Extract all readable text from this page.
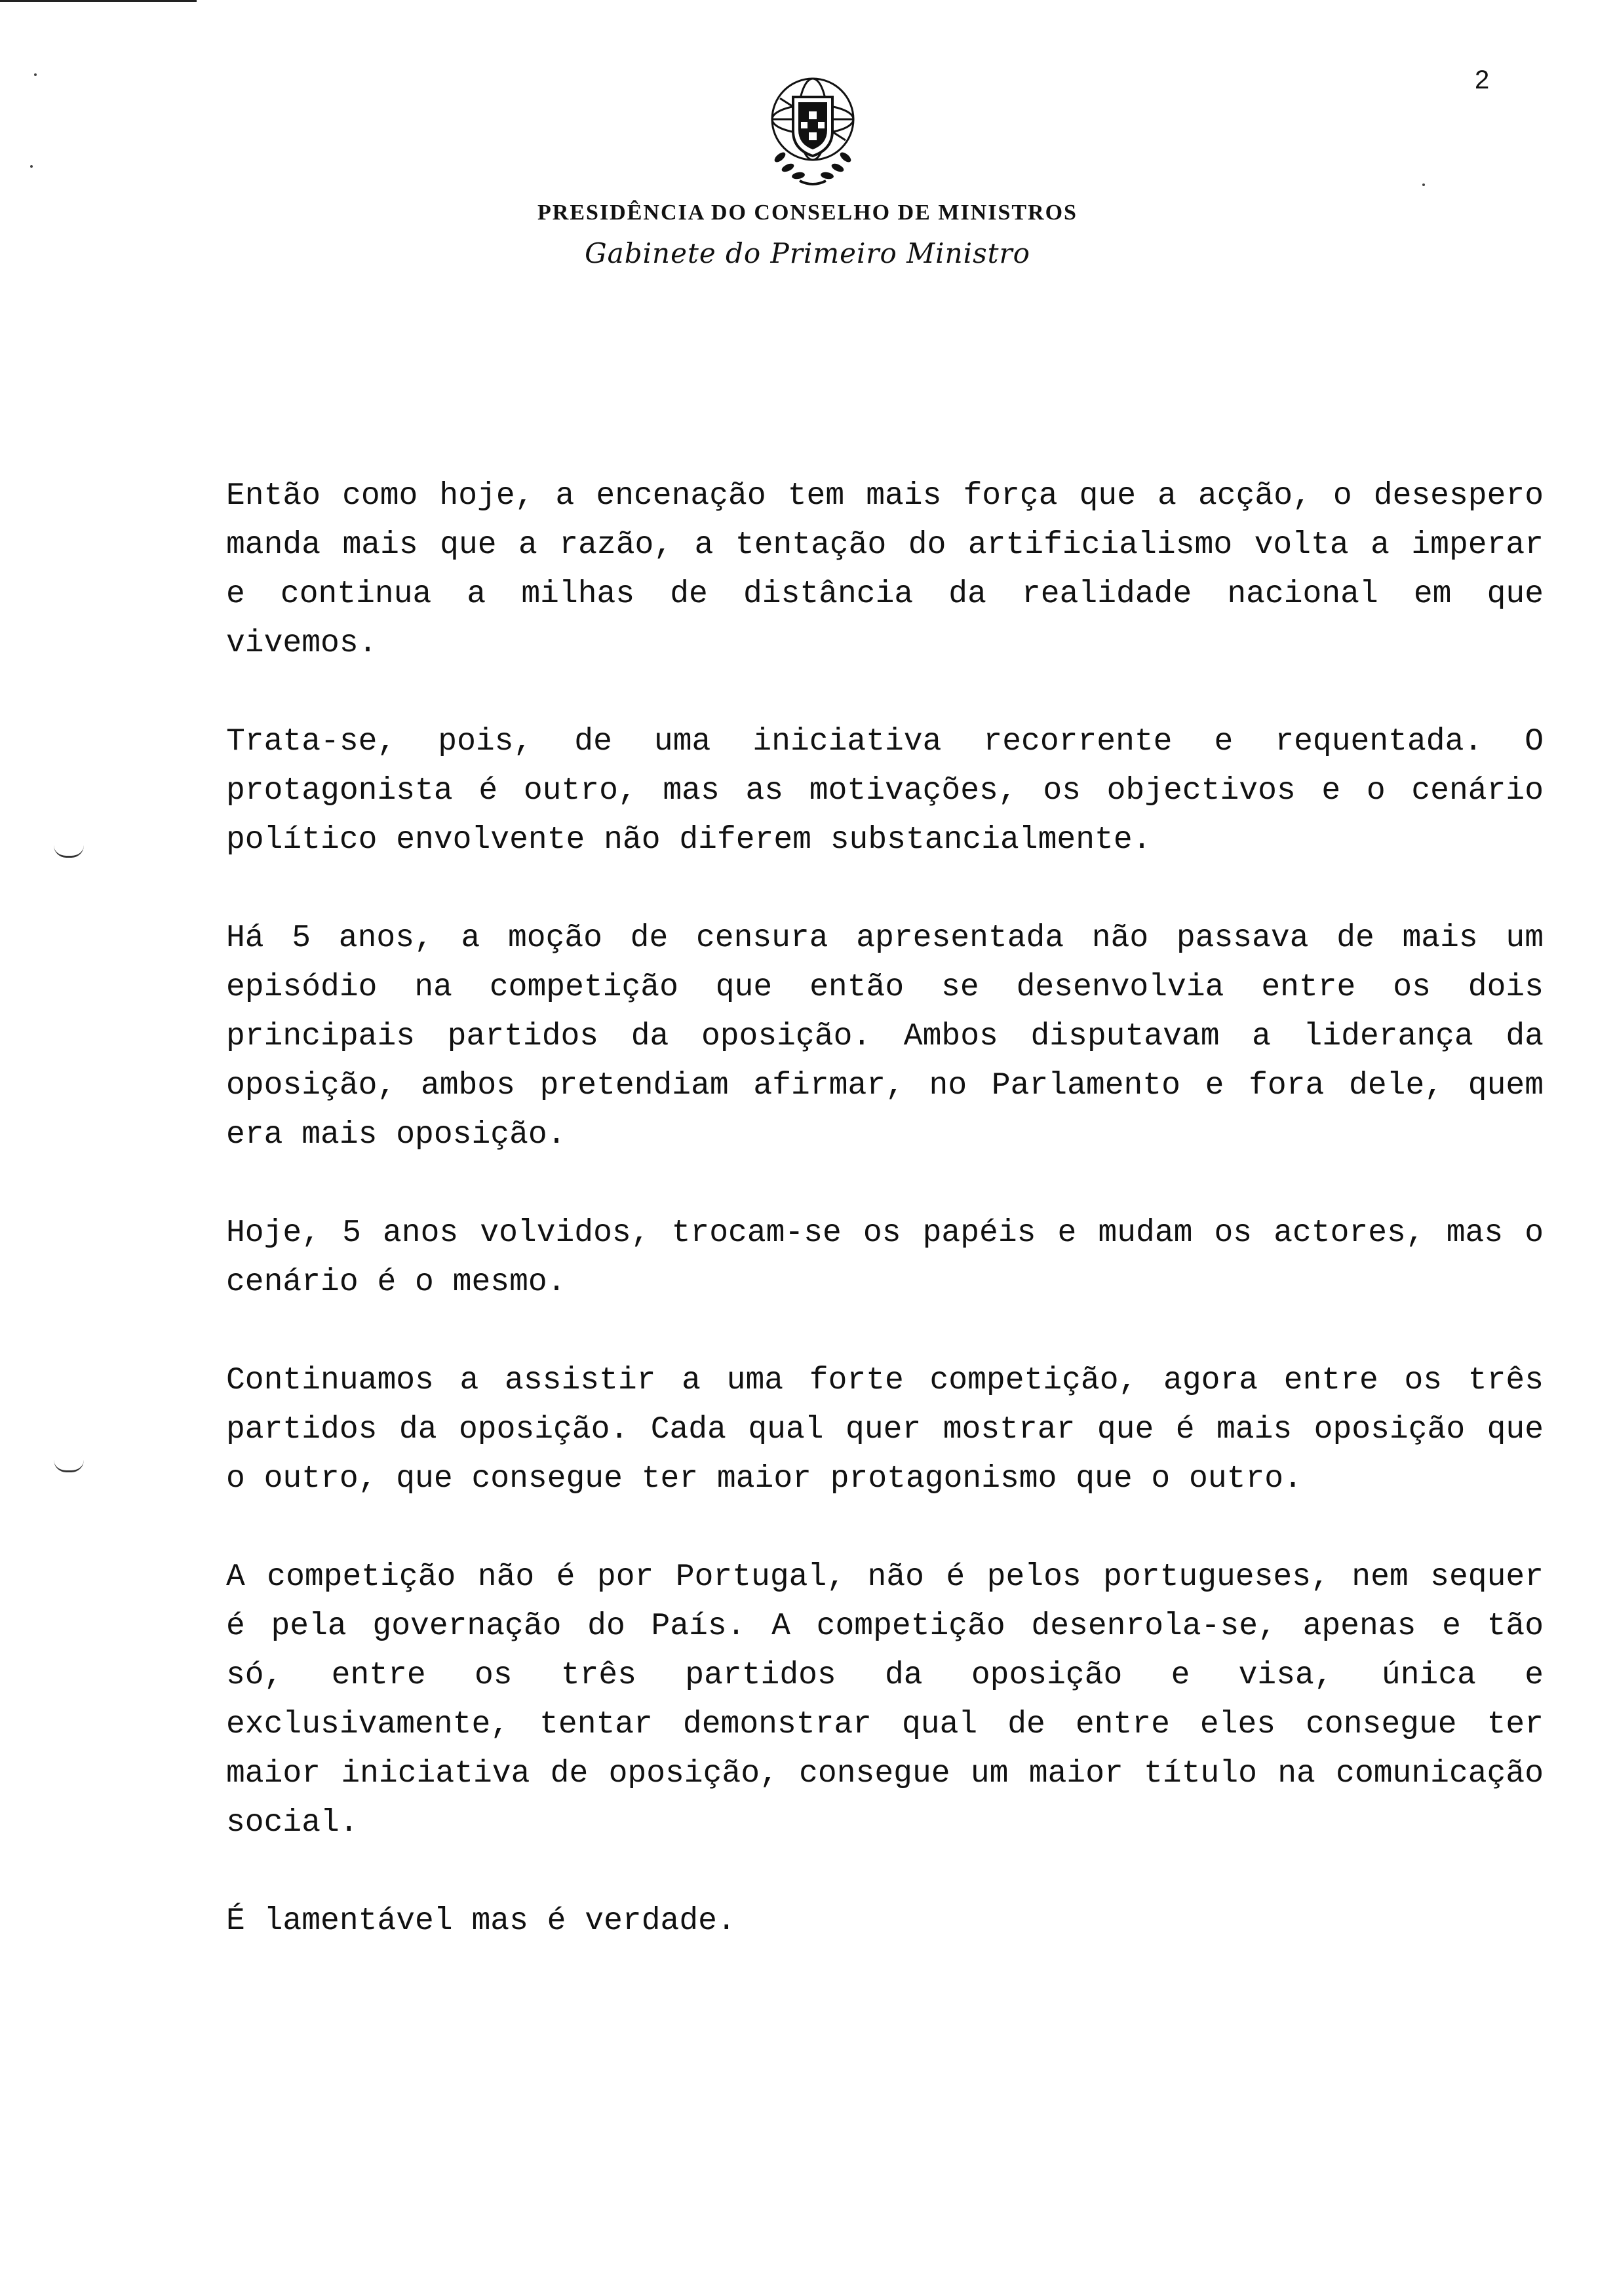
2
PRESIDÊNCIA DO CONSELHO DE MINISTROS
Gabinete do Primeiro Ministro

Então como hoje, a encenação tem mais força que a acção, o desespero manda mais que a razão, a tentação do artificialismo volta a imperar e continua a milhas de distância da realidade nacional em que vivemos.

Trata-se, pois, de uma iniciativa recorrente e requentada. O protagonista é outro, mas as motivações, os objectivos e o cenário político envolvente não diferem substancialmente.

Há 5 anos, a moção de censura apresentada não passava de mais um episódio na competição que então se desenvolvia entre os dois principais partidos da oposição. Ambos disputavam a liderança da oposição, ambos pretendiam afirmar, no Parlamento e fora dele, quem era mais oposição.

Hoje, 5 anos volvidos, trocam-se os papéis e mudam os actores, mas o cenário é o mesmo.

Continuamos a assistir a uma forte competição, agora entre os três partidos da oposição. Cada qual quer mostrar que é mais oposição que o outro, que consegue ter maior protagonismo que o outro.

A competição não é por Portugal, não é pelos portugueses, nem sequer é pela governação do País. A competição desenrola-se, apenas e tão só, entre os três partidos da oposição e visa, única e exclusivamente, tentar demonstrar qual de entre eles consegue ter maior iniciativa de oposição, consegue um maior título na comunicação social.

É lamentável mas é verdade.
